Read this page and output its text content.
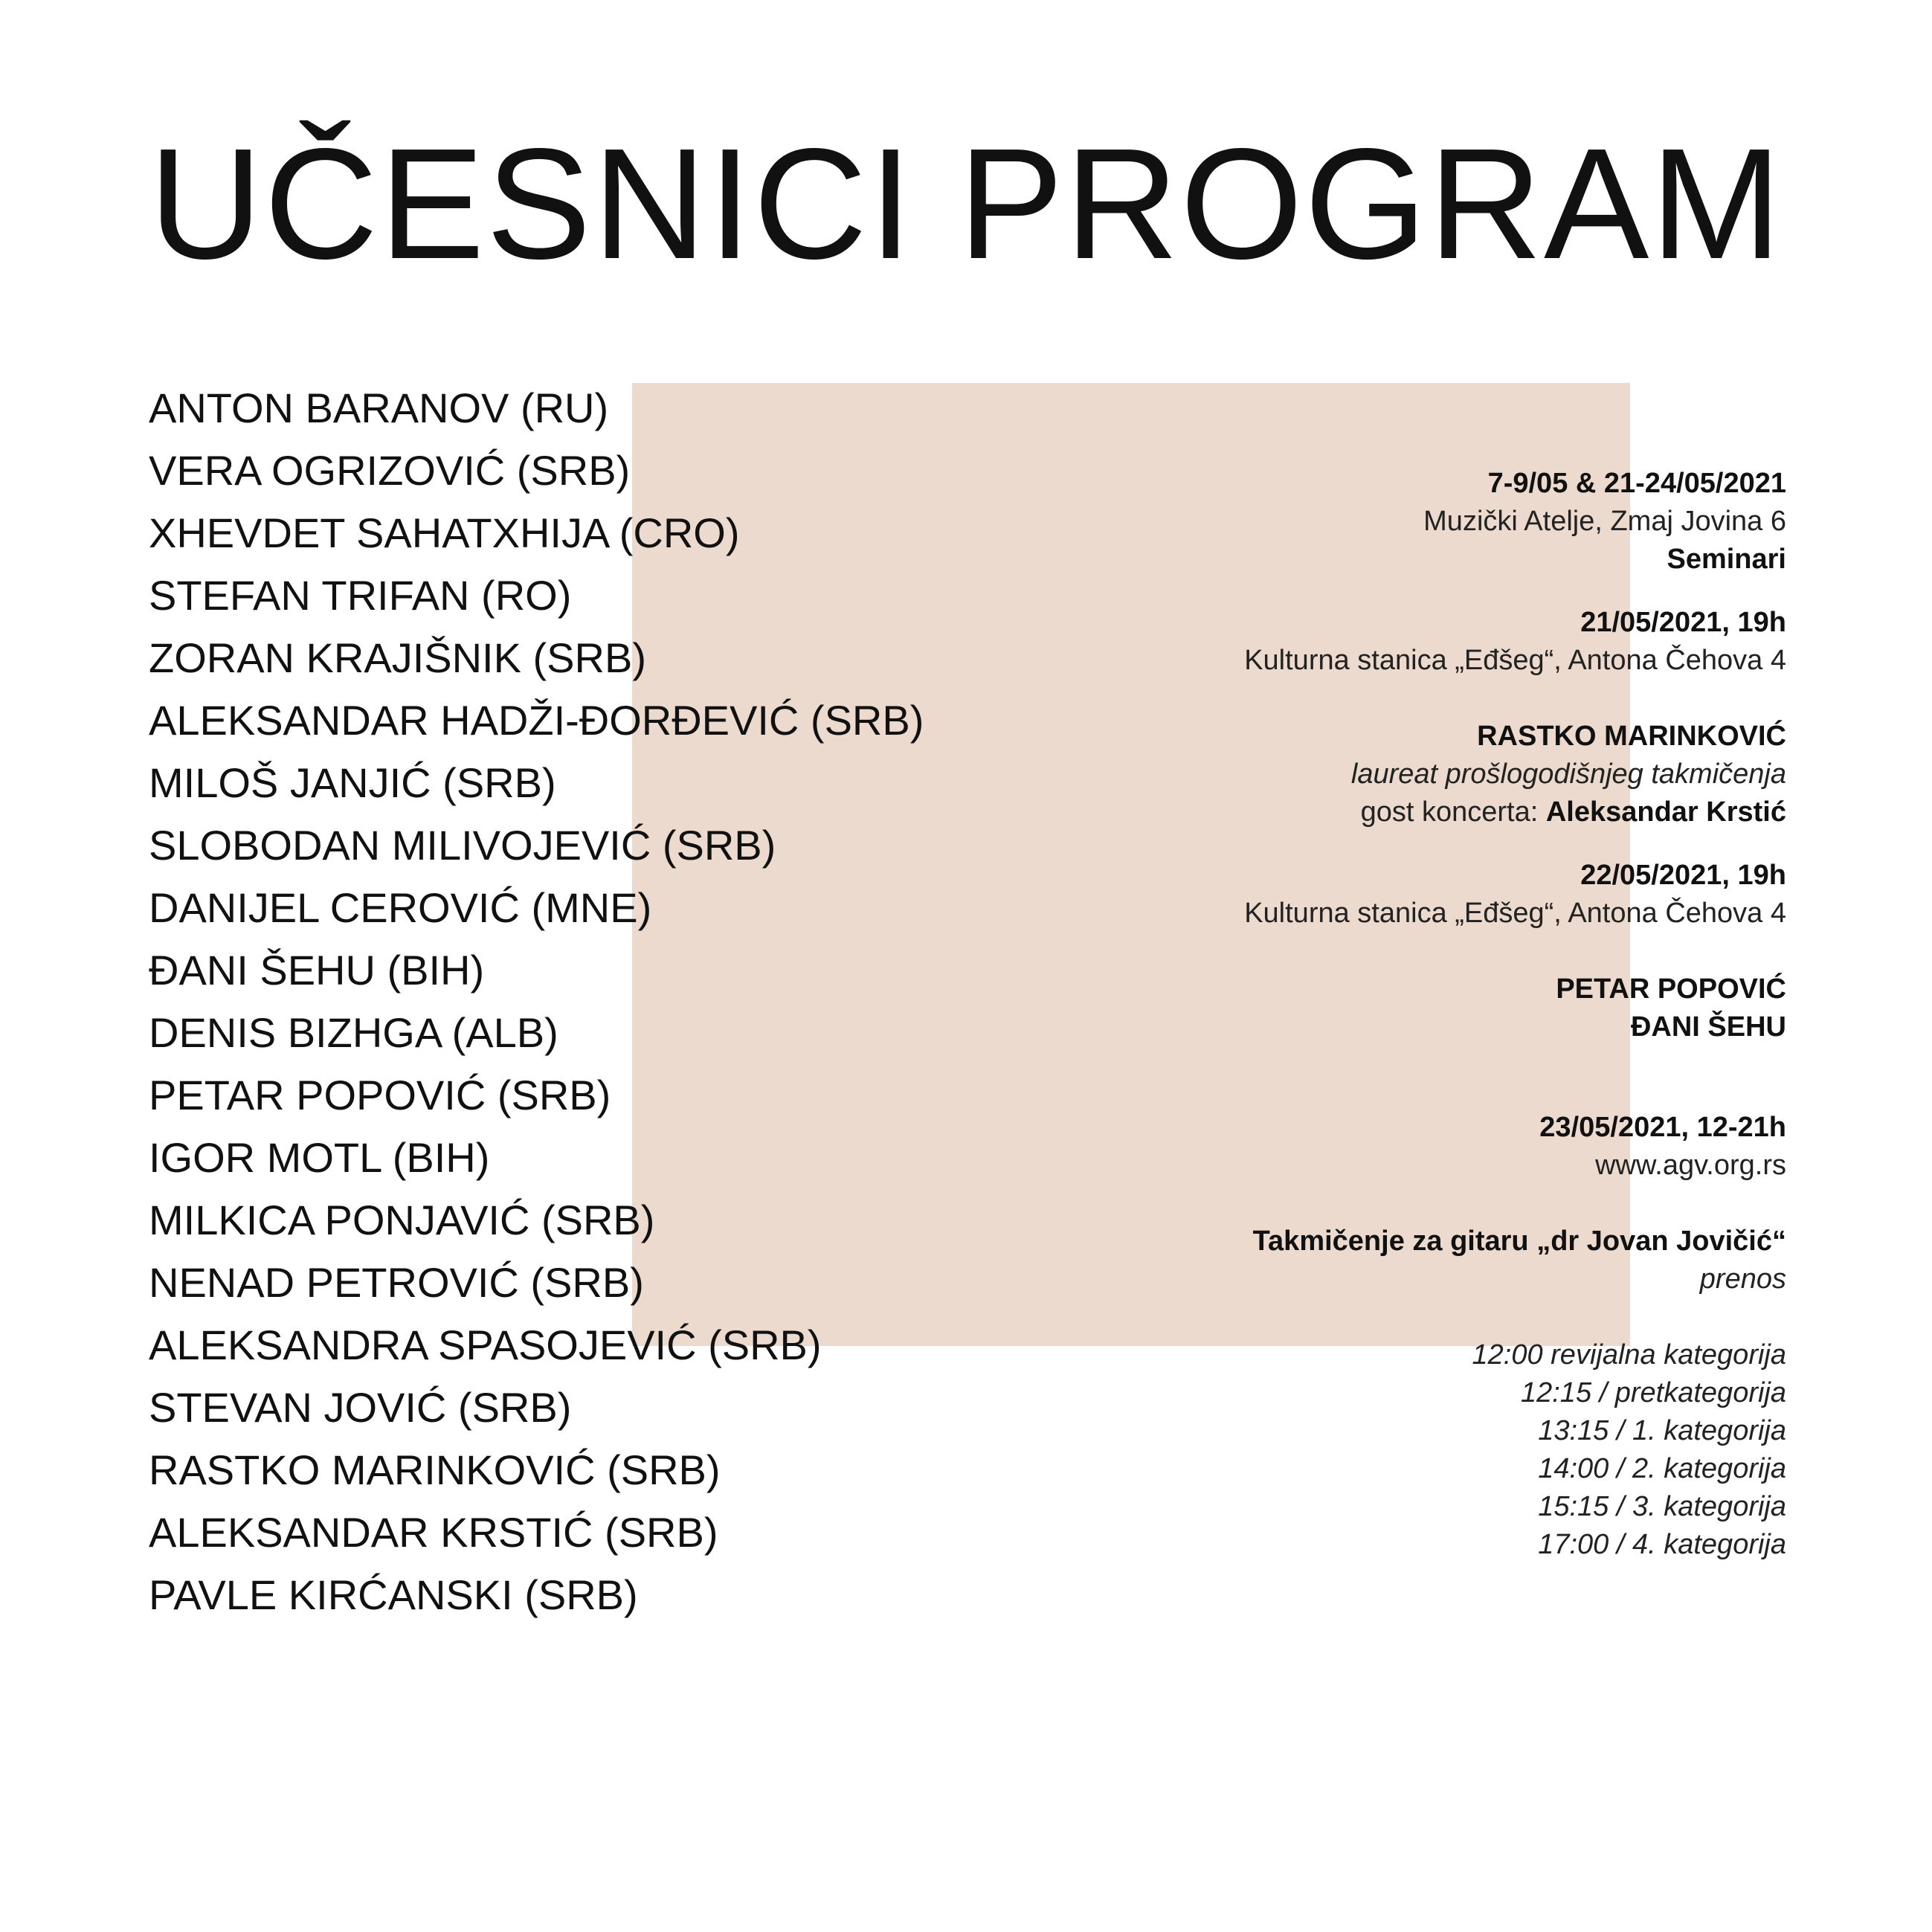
UČESNICI PROGRAM
ANTON BARANOV (RU)
VERA OGRIZOVIĆ (SRB)
XHEVDET SAHATXHIJA (CRO)
STEFAN TRIFAN (RO)
ZORAN KRAJIŠNIK (SRB)
ALEKSANDAR HADŽI-ĐORĐEVIĆ (SRB)
MILOŠ JANJIĆ (SRB)
SLOBODAN MILIVOJEVIĆ (SRB)
DANIJEL CEROVIĆ (MNE)
ĐANI ŠEHU (BIH)
DENIS BIZHGA (ALB)
PETAR POPOVIĆ (SRB)
IGOR MOTL (BIH)
MILKICA PONJAVIĆ (SRB)
NENAD PETROVIĆ (SRB)
ALEKSANDRA SPASOJEVIĆ (SRB)
STEVAN JOVIĆ (SRB)
RASTKO MARINKOVIĆ (SRB)
ALEKSANDAR KRSTIĆ (SRB)
PAVLE KIRĆANSKI (SRB)
7-9/05 & 21-24/05/2021
Muzički Atelje, Zmaj Jovina 6
Seminari
21/05/2021, 19h
Kulturna stanica „Eđšeg“, Antona Čehova 4
RASTKO MARINKOVIĆ
laureat prošlogodišnjeg takmičenja
gost koncerta: Aleksandar Krstić
22/05/2021, 19h
Kulturna stanica „Eđšeg“, Antona Čehova 4
PETAR POPOVIĆ
ĐANI ŠEHU
23/05/2021, 12-21h
www.agv.org.rs
Takmičenje za gitaru „dr Jovan Jovičić“
prenos
12:00 revijalna kategorija
12:15 / pretkategorija
13:15 / 1. kategorija
14:00 / 2. kategorija
15:15 / 3. kategorija
17:00 / 4. kategorija
